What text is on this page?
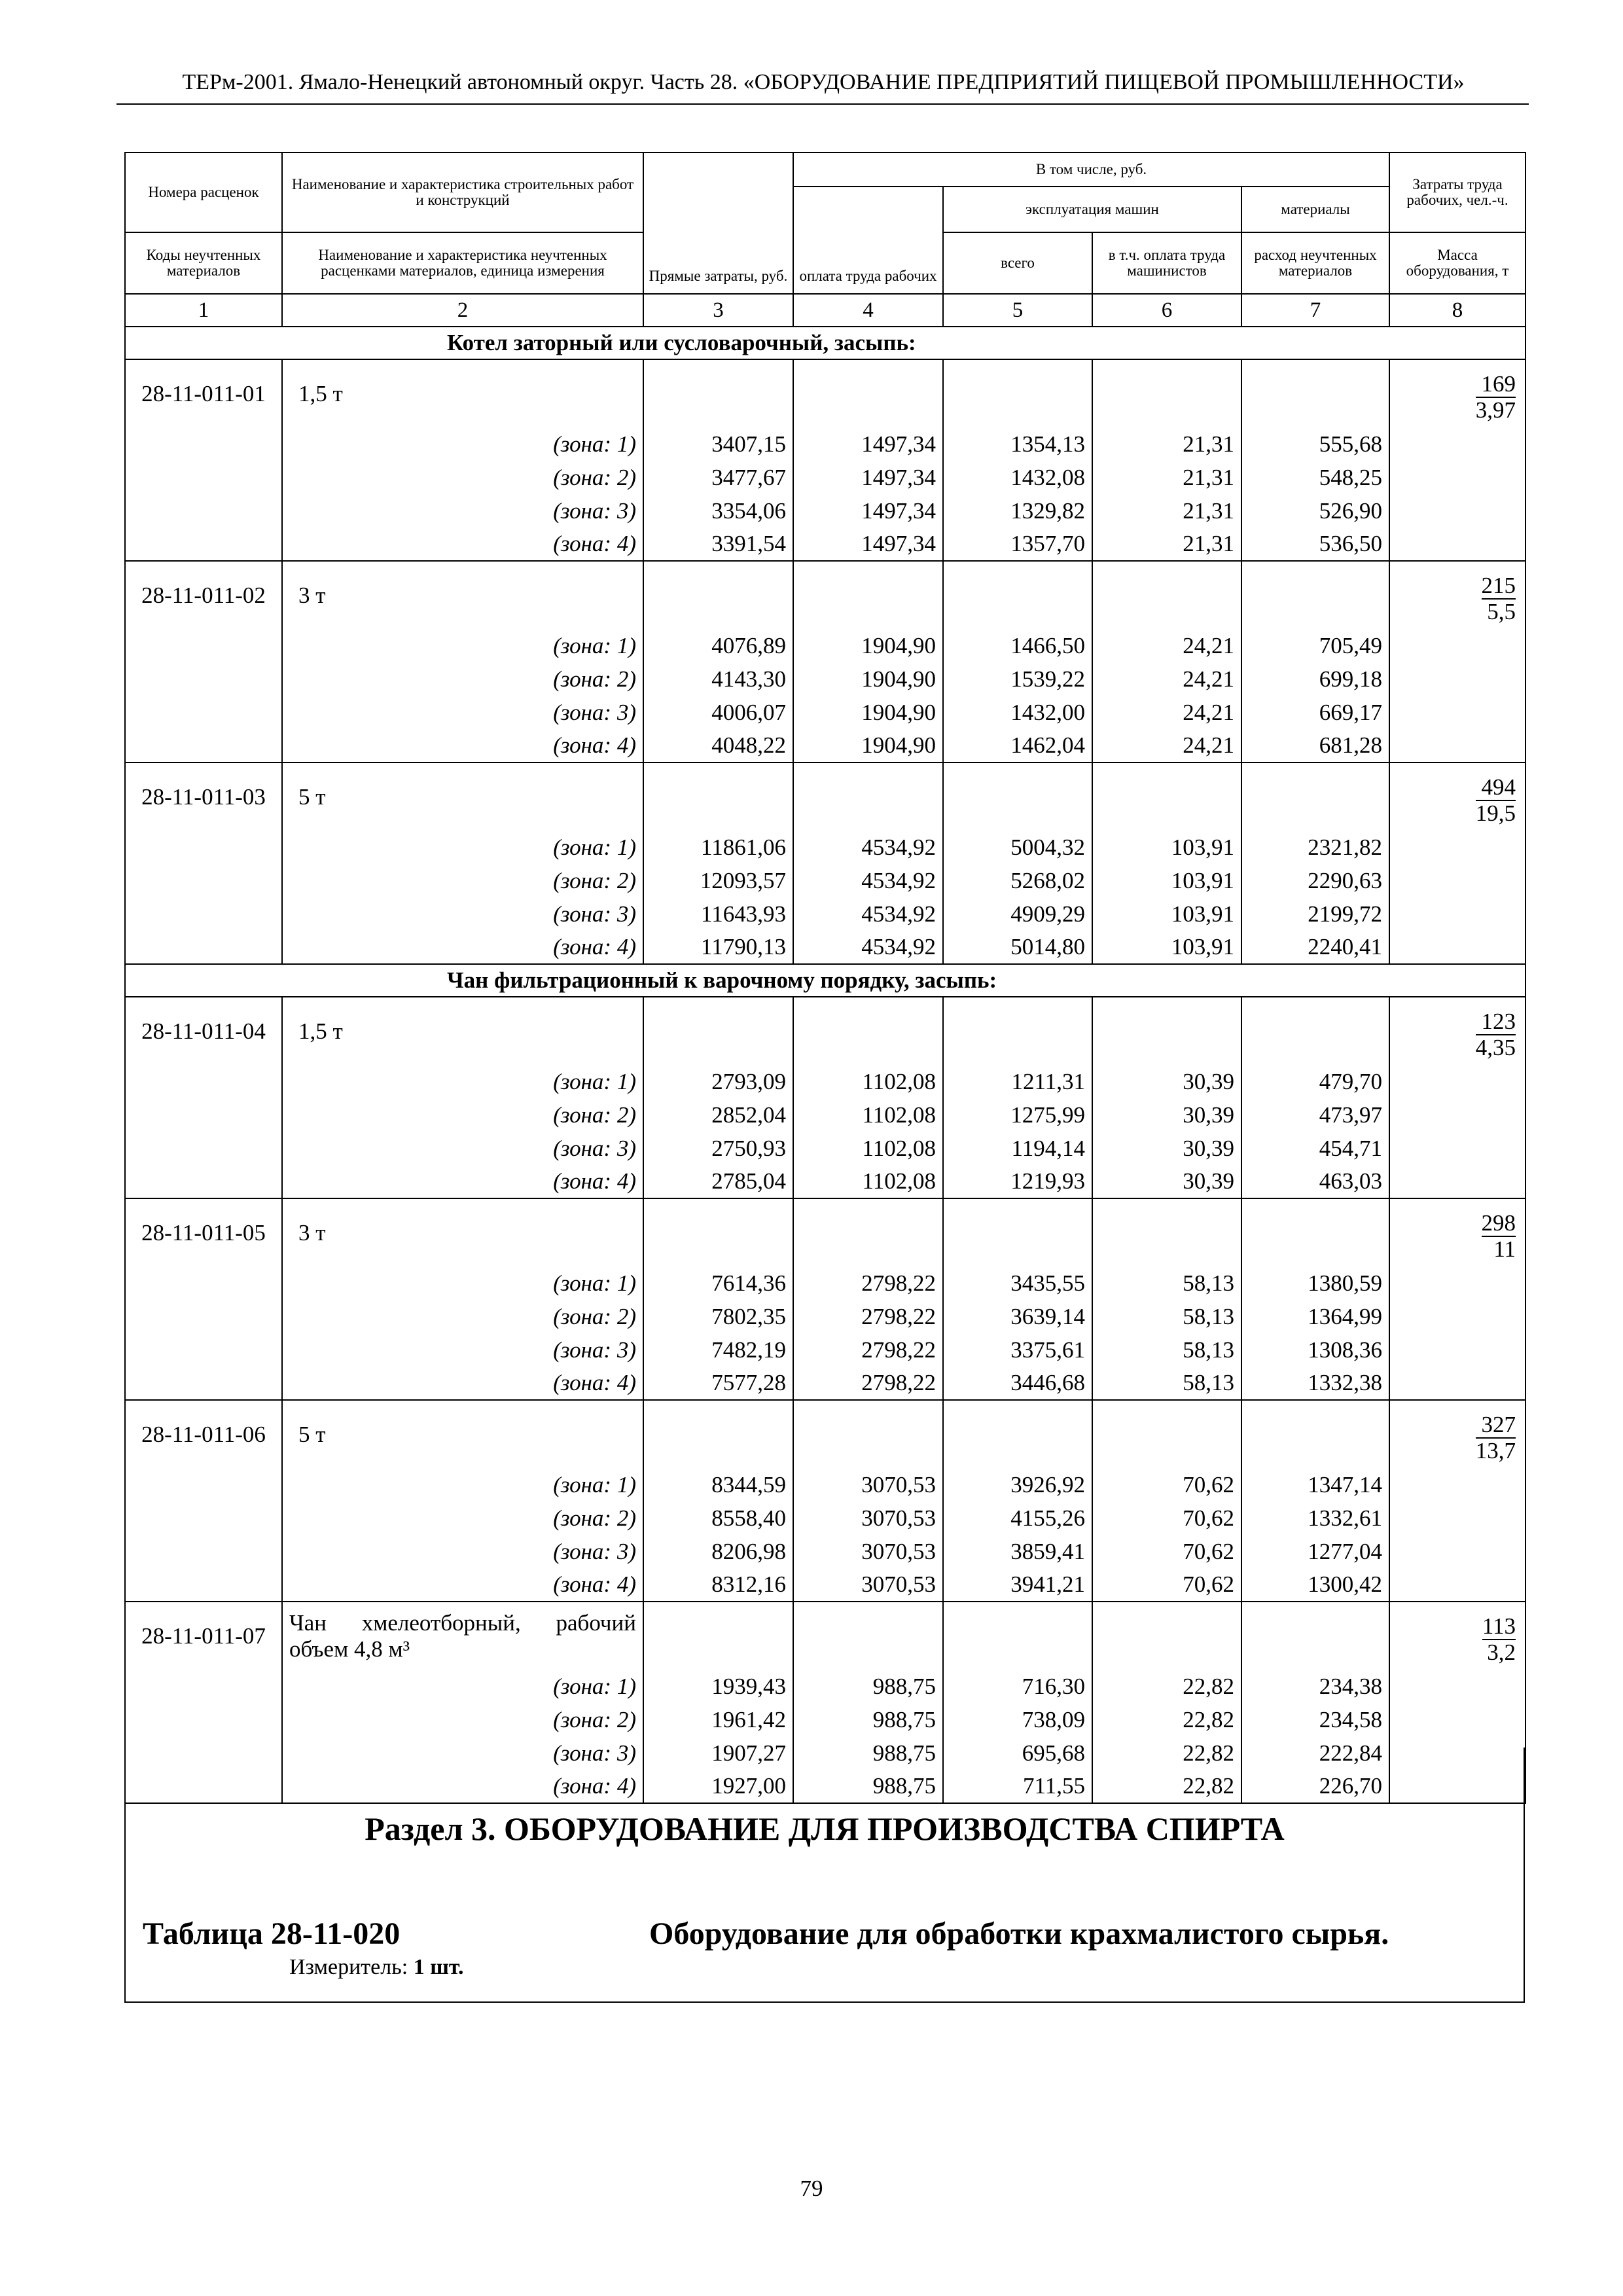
ТЕРм-2001. Ямало-Ненецкий автономный округ. Часть 28. «ОБОРУДОВАНИЕ ПРЕДПРИЯТИЙ ПИЩЕВОЙ ПРОМЫШЛЕННОСТИ»
Номера расценок	Наименование и характеристика строительных работ и конструкций	Прямые затраты, руб.	В том числе, руб.				Затраты труда рабочих, чел.-ч.
			оплата труда рабочих	эксплуатация машин		материалы	
Коды неучтенных материалов	Наименование и характеристика неучтенных расценками материалов, единица измерения			всего	в т.ч. оплата труда машинистов	расход неучтенных материалов	Масса оборудования, т
1	2	3	4	5	6	7	8
	Котел заторный или сусловарочный, засыпь:						
28-11-011-01	1,5 т						$\frac{169}{3,97}$

	(зона: 1)	3407,15	1497,34	1354,13	21,31	555,68	
	(зона: 2)	3477,67	1497,34	1432,08	21,31	548,25	
	(зона: 3)	3354,06	1497,34	1329,82	21,31	526,90	
	(зона: 4)	3391,54	1497,34	1357,70	21,31	536,50	
28-11-011-02	3 т						$\frac{215}{5,5}$

	(зона: 1)	4076,89	1904,90	1466,50	24,21	705,49	
	(зона: 2)	4143,30	1904,90	1539,22	24,21	699,18	
	(зона: 3)	4006,07	1904,90	1432,00	24,21	669,17	
	(зона: 4)	4048,22	1904,90	1462,04	24,21	681,28	
28-11-011-03	5 т						$\frac{494}{19,5}$

	(зона: 1)	11861,06	4534,92	5004,32	103,91	2321,82	
	(зона: 2)	12093,57	4534,92	5268,02	103,91	2290,63	
	(зона: 3)	11643,93	4534,92	4909,29	103,91	2199,72	
	(зона: 4)	11790,13	4534,92	5014,80	103,91	2240,41	
	Чан фильтрационный к варочному порядку, засыпь:						
28-11-011-04	1,5 т						$\frac{123}{4,35}$

	(зона: 1)	2793,09	1102,08	1211,31	30,39	479,70	
	(зона: 2)	2852,04	1102,08	1275,99	30,39	473,97	
	(зона: 3)	2750,93	1102,08	1194,14	30,39	454,71	
	(зона: 4)	2785,04	1102,08	1219,93	30,39	463,03	
28-11-011-05	3 т						$\frac{298}{11}$

	(зона: 1)	7614,36	2798,22	3435,55	58,13	1380,59	
	(зона: 2)	7802,35	2798,22	3639,14	58,13	1364,99	
	(зона: 3)	7482,19	2798,22	3375,61	58,13	1308,36	
	(зона: 4)	7577,28	2798,22	3446,68	58,13	1332,38	
28-11-011-06	5 т						$\frac{327}{13,7}$

	(зона: 1)	8344,59	3070,53	3926,92	70,62	1347,14	
	(зона: 2)	8558,40	3070,53	4155,26	70,62	1332,61	
	(зона: 3)	8206,98	3070,53	3859,41	70,62	1277,04	
	(зона: 4)	8312,16	3070,53	3941,21	70,62	1300,42	
28-11-011-07	Чан хмелеотборный, рабочий объем 4,8 м³						$\frac{113}{3,2}$

	(зона: 1)	1939,43	988,75	716,30	22,82	234,38	
	(зона: 2)	1961,42	988,75	738,09	22,82	234,58	
	(зона: 3)	1907,27	988,75	695,68	22,82	222,84	
	(зона: 4)	1927,00	988,75	711,55	22,82	226,70	
Раздел 3. ОБОРУДОВАНИЕ ДЛЯ ПРОИЗВОДСТВА СПИРТА
Таблица 28-11-020	Оборудование для обработки крахмалистого сырья.
Измеритель: 1 шт.
79
